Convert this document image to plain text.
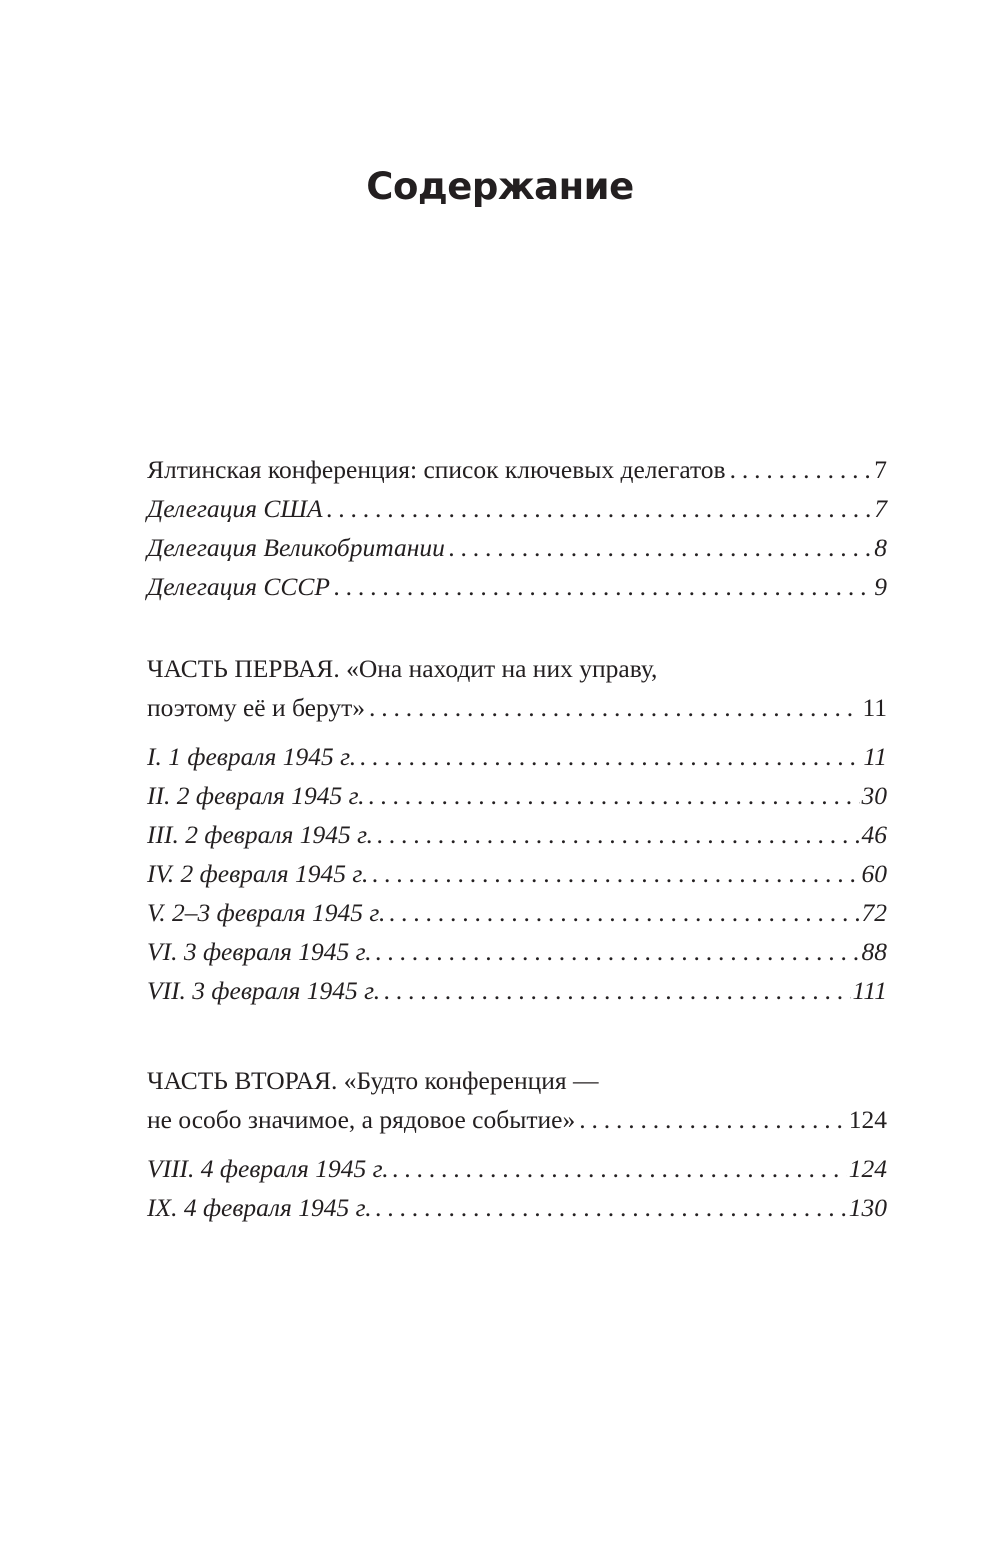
Содержание
Ялтинская конференция: список ключевых делегатов . . .	7
Делегация США . . .	7
Делегация Великобритании . . .	8
Делегация СССР . . .	9
ЧАСТЬ ПЕРВАЯ. «Она находит на них управу,
поэтому её и берут» . . .	11
I. 1 февраля 1945 г. . . .	11
II. 2 февраля 1945 г. . . .	30
III. 2 февраля 1945 г. . . .	46
IV. 2 февраля 1945 г. . . .	60
V. 2–3 февраля 1945 г. . . .	72
VI. 3 февраля 1945 г. . . .	88
VII. 3 февраля 1945 г. . . .	111
ЧАСТЬ ВТОРАЯ. «Будто конференция —
не особо значимое, а рядовое событие» . . .	124
VIII. 4 февраля 1945 г. . . .	124
IX. 4 февраля 1945 г. . . .	130
